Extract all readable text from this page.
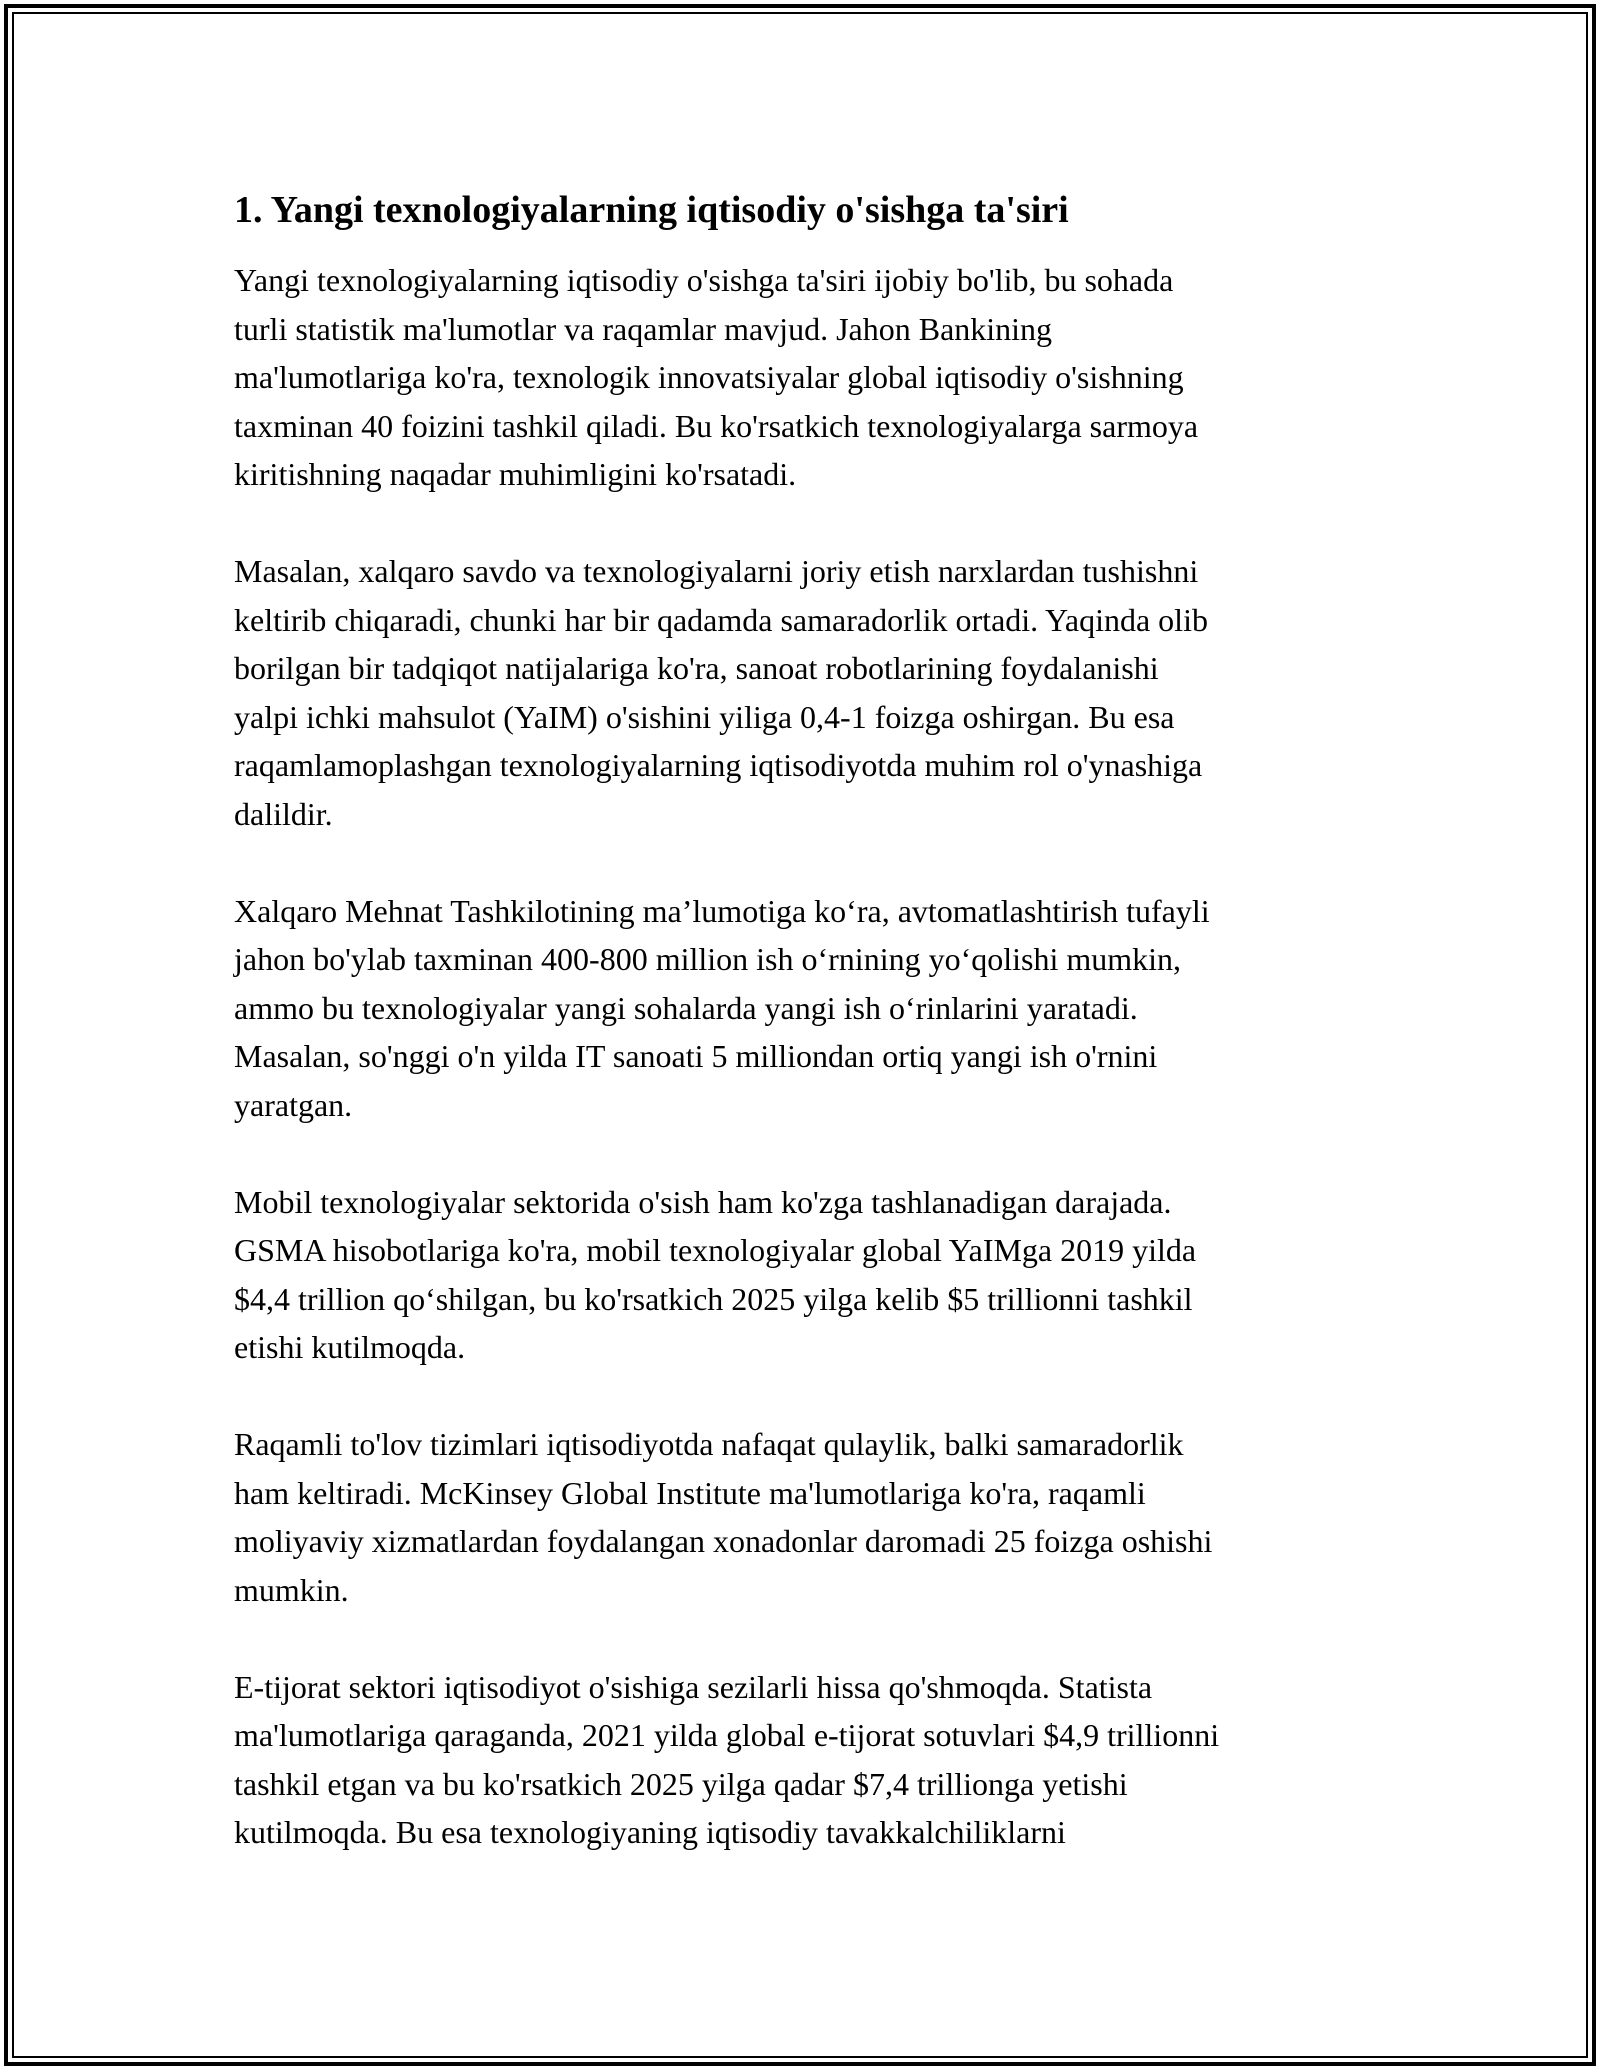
1. Yangi texnologiyalarning iqtisodiy o'sishga ta'siri

Yangi texnologiyalarning iqtisodiy o'sishga ta'siri ijobiy bo'lib, bu sohada
turli statistik ma'lumotlar va raqamlar mavjud. Jahon Bankining
ma'lumotlariga ko'ra, texnologik innovatsiyalar global iqtisodiy o'sishning
taxminan 40 foizini tashkil qiladi. Bu ko'rsatkich texnologiyalarga sarmoya
kiritishning naqadar muhimligini ko'rsatadi.

Masalan, xalqaro savdo va texnologiyalarni joriy etish narxlardan tushishni
keltirib chiqaradi, chunki har bir qadamda samaradorlik ortadi. Yaqinda olib
borilgan bir tadqiqot natijalariga ko'ra, sanoat robotlarining foydalanishi
yalpi ichki mahsulot (YaIM) o'sishini yiliga 0,4-1 foizga oshirgan. Bu esa
raqamlamoplashgan texnologiyalarning iqtisodiyotda muhim rol o'ynashiga
dalildir.

Xalqaro Mehnat Tashkilotining ma’lumotiga ko‘ra, avtomatlashtirish tufayli
jahon bo'ylab taxminan 400-800 million ish o‘rnining yo‘qolishi mumkin,
ammo bu texnologiyalar yangi sohalarda yangi ish o‘rinlarini yaratadi.
Masalan, so'nggi o'n yilda IT sanoati 5 milliondan ortiq yangi ish o'rnini
yaratgan.

Mobil texnologiyalar sektorida o'sish ham ko'zga tashlanadigan darajada.
GSMA hisobotlariga ko'ra, mobil texnologiyalar global YaIMga 2019 yilda
$4,4 trillion qo‘shilgan, bu ko'rsatkich 2025 yilga kelib $5 trillionni tashkil
etishi kutilmoqda.

Raqamli to'lov tizimlari iqtisodiyotda nafaqat qulaylik, balki samaradorlik
ham keltiradi. McKinsey Global Institute ma'lumotlariga ko'ra, raqamli
moliyaviy xizmatlardan foydalangan xonadonlar daromadi 25 foizga oshishi
mumkin.

E-tijorat sektori iqtisodiyot o'sishiga sezilarli hissa qo'shmoqda. Statista
ma'lumotlariga qaraganda, 2021 yilda global e-tijorat sotuvlari $4,9 trillionni
tashkil etgan va bu ko'rsatkich 2025 yilga qadar $7,4 trillionga yetishi
kutilmoqda. Bu esa texnologiyaning iqtisodiy tavakkalchiliklarni
